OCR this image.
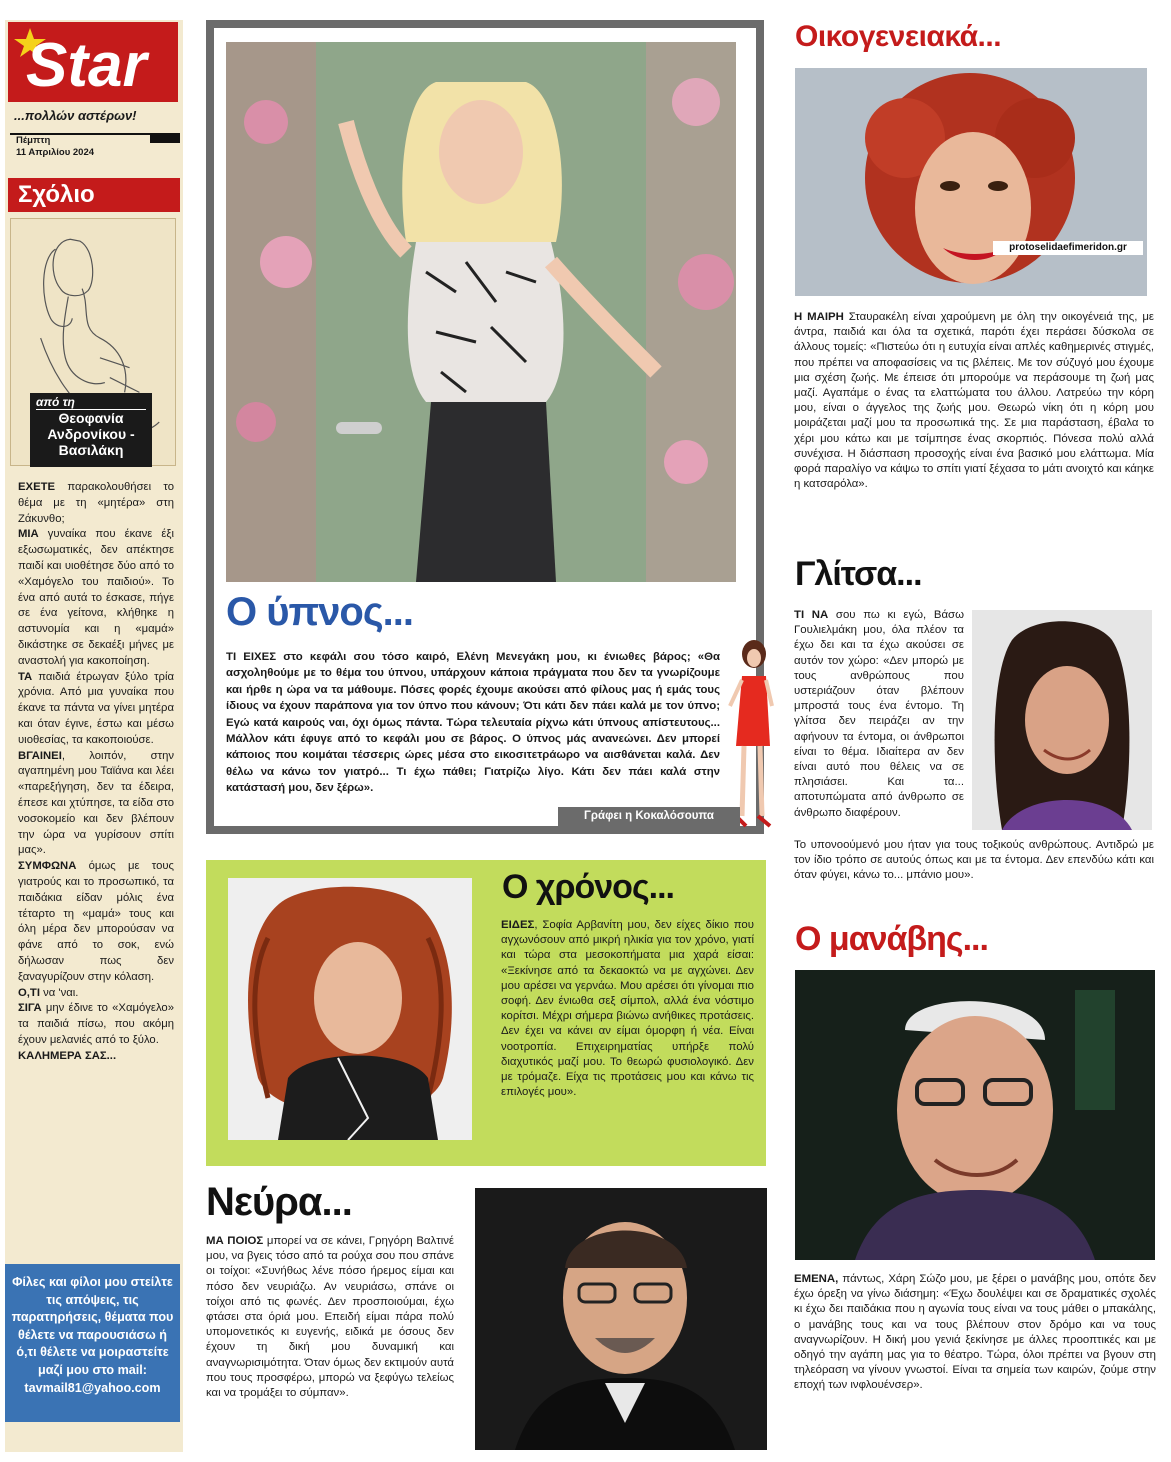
Star
...πολλών αστέρων!
Πέμπτη
11 Απριλίου 2024
Σχόλιο
από τη
Θεοφανία Ανδρονίκου - Βασιλάκη

ΕΧΕΤΕ παρακολουθήσει το θέμα με τη «μητέρα» στη Ζάκυνθο;

ΜΙΑ γυναίκα που έκανε έξι εξωσωματικές, δεν απέκτησε παιδί και υιοθέτησε δύο από το «Χαμόγελο του παιδιού». Το ένα από αυτά το έσκασε, πήγε σε ένα γείτονα, κλήθηκε η αστυνομία και η «μαμά» δικάστηκε σε δεκαέξι μήνες με αναστολή για κακοποίηση.

ΤΑ παιδιά έτρωγαν ξύλο τρία χρόνια. Από μια γυναίκα που έκανε τα πάντα να γίνει μητέρα και όταν έγινε, έστω και μέσω υιοθεσίας, τα κακοποιούσε.

ΒΓΑΙΝΕΙ, λοιπόν, στην αγαπημένη μου Ταϊάνα και λέει «παρεξήγηση, δεν τα έδειρα, έπεσε και χτύπησε, τα είδα στο νοσοκομείο και δεν βλέπουν την ώρα να γυρίσουν σπίτι μας».

ΣΥΜΦΩΝΑ όμως με τους γιατρούς και το προσωπικό, τα παιδάκια είδαν μόλις ένα τέταρτο τη «μαμά» τους και όλη μέρα δεν μπορούσαν να φάνε από το σοκ, ενώ δήλωσαν πως δεν ξαναγυρίζουν στην κόλαση.

Ο,ΤΙ να 'ναι.

ΣΙΓΑ μην έδινε το «Χαμόγελο» τα παιδιά πίσω, που ακόμη έχουν μελανιές από το ξύλο.

ΚΑΛΗΜΕΡΑ ΣΑΣ...

Φίλες και φίλοι μου στείλτε τις απόψεις, τις παρατηρήσεις, θέματα που θέλετε να παρουσιάσω ή ό,τι θέλετε να μοιραστείτε μαζί μου στο mail:
tavmail81@yahoo.com
Ο ύπνος...

ΤΙ ΕΙΧΕΣ στο κεφάλι σου τόσο καιρό, Ελένη Μενεγάκη μου, κι ένιωθες βάρος; «Θα ασχοληθούμε με το θέμα του ύπνου, υπάρχουν κάποια πράγματα που δεν τα γνωρίζουμε και ήρθε η ώρα να τα μάθουμε. Πόσες φορές έχουμε ακούσει από φίλους μας ή εμάς τους ίδιους να έχουν παράπονα για τον ύπνο που κάνουν; Ότι κάτι δεν πάει καλά με τον ύπνο; Εγώ κατά καιρούς ναι, όχι όμως πάντα. Τώρα τελευταία ρίχνω κάτι ύπνους απίστευτους... Μάλλον κάτι έφυγε από το κεφάλι μου σε βάρος. Ο ύπνος μάς ανανεώνει. Δεν μπορεί κάποιος που κοιμάται τέσσερις ώρες μέσα στο εικοσιτετράωρο να αισθάνεται καλά. Δεν θέλω να κάνω τον γιατρό... Τι έχω πάθει; Γιατρίζω λίγο. Κάτι δεν πάει καλά στην κατάστασή μου, δεν ξέρω».

Γράφει η Κοκαλόσουπα
Ο χρόνος...

ΕΙΔΕΣ, Σοφία Αρβανίτη μου, δεν είχες δίκιο που αγχωνόσουν από μικρή ηλικία για τον χρόνο, γιατί και τώρα στα μεσοκοπήματα μια χαρά είσαι: «Ξεκίνησε από τα δεκαοκτώ να με αγχώνει. Δεν μου αρέσει να γερνάω. Μου αρέσει ότι γίνομαι πιο σοφή. Δεν ένιωθα σεξ σίμπολ, αλλά ένα νόστιμο κορίτσι. Μέχρι σήμερα βιώνω ανήθικες προτάσεις. Δεν έχει να κάνει αν είμαι όμορφη ή νέα. Είναι νοοτροπία. Επιχειρηματίας υπήρξε πολύ διαχυτικός μαζί μου. Το θεωρώ φυσιολογικό. Δεν με τρόμαζε. Είχα τις προτάσεις μου και κάνω τις επιλογές μου».

Νεύρα...

ΜΑ ΠΟΙΟΣ μπορεί να σε κάνει, Γρηγόρη Βαλτινέ μου, να βγεις τόσο από τα ρούχα σου που σπάνε οι τοίχοι: «Συνήθως λένε πόσο ήρεμος είμαι και πόσο δεν νευριάζω. Αν νευριάσω, σπάνε οι τοίχοι από τις φωνές. Δεν προσποιούμαι, έχω φτάσει στα όριά μου. Επειδή είμαι πάρα πολύ υπομονετικός κι ευγενής, ειδικά με όσους δεν έχουν τη δική μου δυναμική και αναγνωρισιμότητα. Όταν όμως δεν εκτιμούν αυτά που τους προσφέρω, μπορώ να ξεφύγω τελείως και να τρομάξει το σύμπαν».

Οικογενειακά...
protoselidaefimeridon.gr

Η ΜΑΙΡΗ Σταυρακέλη είναι χαρούμενη με όλη την οικογένειά της, με άντρα, παιδιά και όλα τα σχετικά, παρότι έχει περάσει δύσκολα σε άλλους τομείς: «Πιστεύω ότι η ευτυχία είναι απλές καθημερινές στιγμές, που πρέπει να αποφασίσεις να τις βλέπεις. Με τον σύζυγό μου έχουμε μια σχέση ζωής. Με έπεισε ότι μπορούμε να περάσουμε τη ζωή μας μαζί. Αγαπάμε ο ένας τα ελαττώματα του άλλου. Λατρεύω την κόρη μου, είναι ο άγγελος της ζωής μου. Θεωρώ νίκη ότι η κόρη μου μοιράζεται μαζί μου τα προσωπικά της. Σε μια παράσταση, έβαλα το χέρι μου κάτω και με τσίμπησε ένας σκορπιός. Πόνεσα πολύ αλλά συνέχισα. Η διάσπαση προσοχής είναι ένα βασικό μου ελάττωμα. Μία φορά παραλίγο να κάψω το σπίτι γιατί ξέχασα το μάτι ανοιχτό και κάηκε η κατσαρόλα».

Γλίτσα...

ΤΙ ΝΑ σου πω κι εγώ, Βάσω Γουλιελμάκη μου, όλα πλέον τα έχω δει και τα έχω ακούσει σε αυτόν τον χώρο: «Δεν μπορώ με τους ανθρώπους που υστεριάζουν όταν βλέπουν μπροστά τους ένα έντομο. Τη γλίτσα δεν πειράζει αν την αφήνουν τα έντομα, οι άνθρωποι είναι το θέμα. Ιδιαίτερα αν δεν είναι αυτό που θέλεις να σε πλησιάσει. Και τα... αποτυπώματα από άνθρωπο σε άνθρωπο διαφέρουν.

Το υπονοούμενό μου ήταν για τους τοξικούς ανθρώπους. Αντιδρώ με τον ίδιο τρόπο σε αυτούς όπως και με τα έντομα. Δεν επενδύω κάτι και όταν φύγει, κάνω το... μπάνιο μου».

Ο μανάβης...

ΕΜΕΝΑ, πάντως, Χάρη Σώζο μου, με ξέρει ο μανάβης μου, οπότε δεν έχω όρεξη να γίνω διάσημη: «Έχω δουλέψει και σε δραματικές σχολές κι έχω δει παιδάκια που η αγωνία τους είναι να τους μάθει ο μπακάλης, ο μανάβης τους και να τους βλέπουν στον δρόμο και να τους αναγνωρίζουν. Η δική μου γενιά ξεκίνησε με άλλες προοπτικές και με οδηγό την αγάπη μας για το θέατρο. Τώρα, όλοι πρέπει να βγουν στη τηλεόραση να γίνουν γνωστοί. Είναι τα σημεία των καιρών, ζούμε στην εποχή των ινφλουένσερ».
